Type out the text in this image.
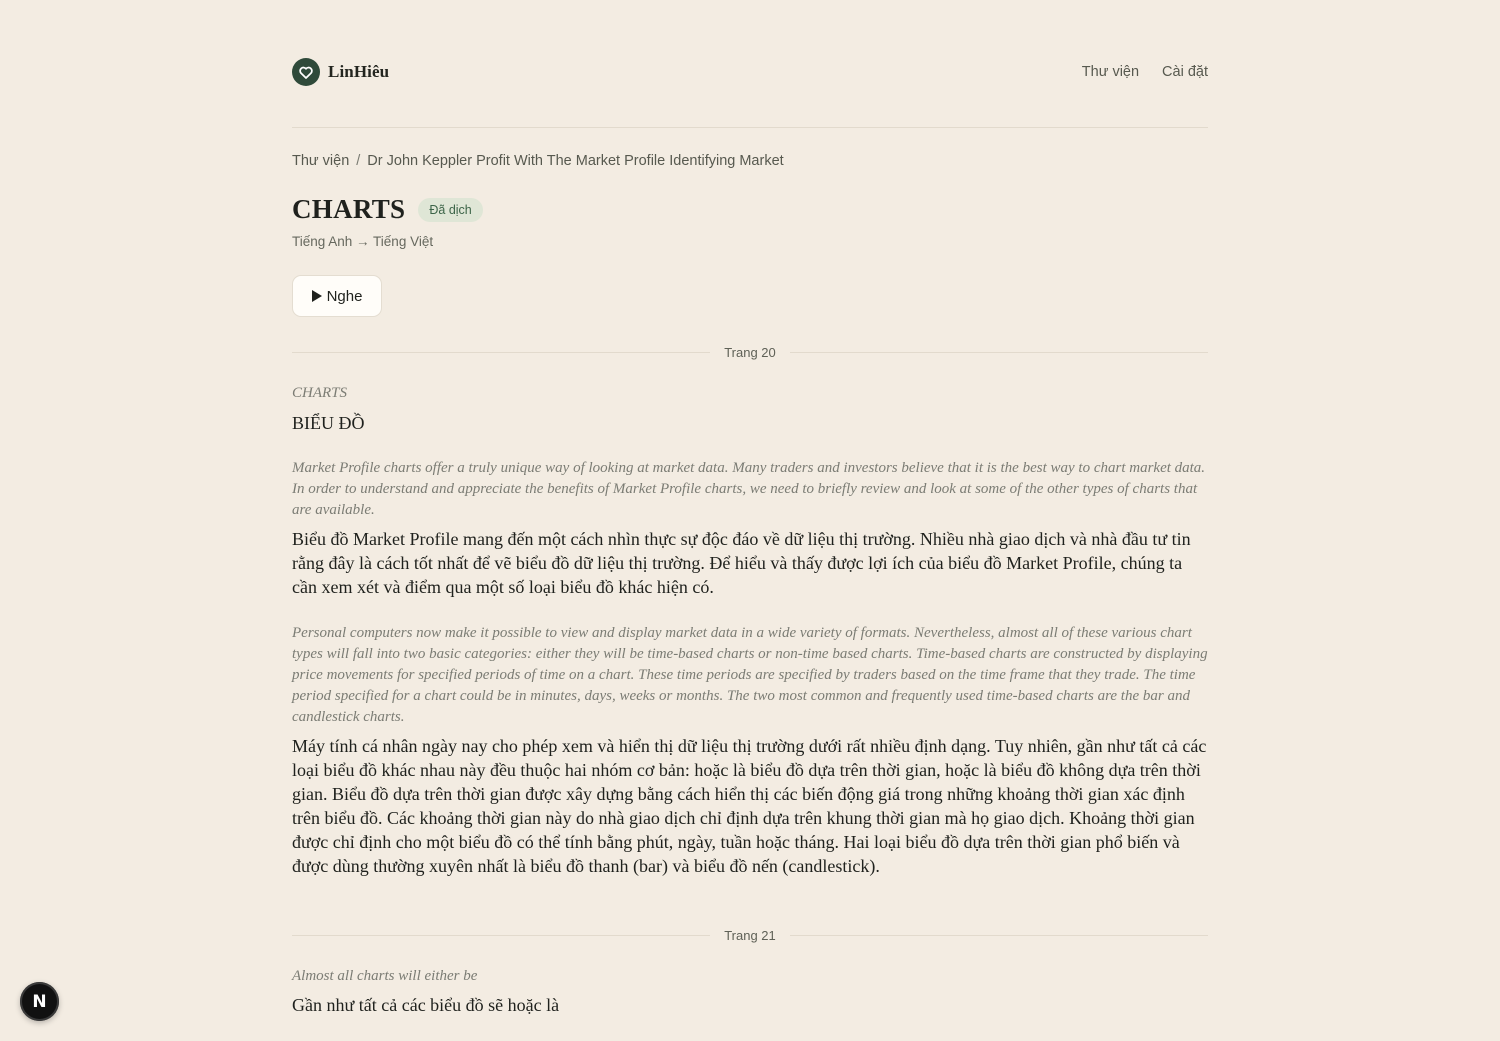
LinHiêu	Thư viện Cài đặt
Thư viện / Dr John Keppler Profit With The Market Profile Identifying Market
CHARTS	Đã dịch
Tiếng Anh → Tiếng Việt
Nghe
Trang 20

CHARTS

BIỂU ĐỒ

Market Profile charts offer a truly unique way of looking at market data. Many traders and investors believe that it is the best way to chart market data. In order to understand and appreciate the benefits of Market Profile charts, we need to briefly review and look at some of the other types of charts that are available.

Biểu đồ Market Profile mang đến một cách nhìn thực sự độc đáo về dữ liệu thị trường. Nhiều nhà giao dịch và nhà đầu tư tin rằng đây là cách tốt nhất để vẽ biểu đồ dữ liệu thị trường. Để hiểu và thấy được lợi ích của biểu đồ Market Profile, chúng ta cần xem xét và điểm qua một số loại biểu đồ khác hiện có.

Personal computers now make it possible to view and display market data in a wide variety of formats. Nevertheless, almost all of these various chart types will fall into two basic categories: either they will be time-based charts or non-time based charts. Time-based charts are constructed by displaying price movements for specified periods of time on a chart. These time periods are specified by traders based on the time frame that they trade. The time period specified for a chart could be in minutes, days, weeks or months. The two most common and frequently used time-based charts are the bar and candlestick charts.

Máy tính cá nhân ngày nay cho phép xem và hiển thị dữ liệu thị trường dưới rất nhiều định dạng. Tuy nhiên, gần như tất cả các loại biểu đồ khác nhau này đều thuộc hai nhóm cơ bản: hoặc là biểu đồ dựa trên thời gian, hoặc là biểu đồ không dựa trên thời gian. Biểu đồ dựa trên thời gian được xây dựng bằng cách hiển thị các biến động giá trong những khoảng thời gian xác định trên biểu đồ. Các khoảng thời gian này do nhà giao dịch chỉ định dựa trên khung thời gian mà họ giao dịch. Khoảng thời gian được chỉ định cho một biểu đồ có thể tính bằng phút, ngày, tuần hoặc tháng. Hai loại biểu đồ dựa trên thời gian phổ biến và được dùng thường xuyên nhất là biểu đồ thanh (bar) và biểu đồ nến (candlestick).

Trang 21

Almost all charts will either be

Gần như tất cả các biểu đồ sẽ hoặc là

N
